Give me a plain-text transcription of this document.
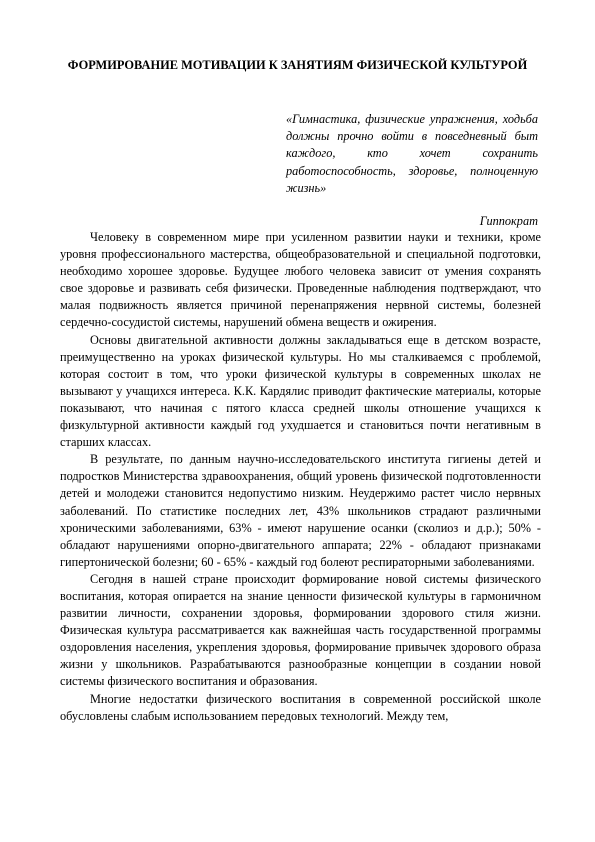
ФОРМИРОВАНИЕ МОТИВАЦИИ К ЗАНЯТИЯМ ФИЗИЧЕСКОЙ КУЛЬТУРОЙ
«Гимнастика, физические упражнения, ходьба должны прочно войти в повседневный быт каждого, кто хочет сохранить работоспособность, здоровье, полноценную жизнь»
Гиппократ

Человеку в современном мире при усиленном развитии науки и техники, кроме уровня профессионального мастерства, общеобразовательной и специальной подготовки, необходимо хорошее здоровье. Будущее любого человека зависит от умения сохранять свое здоровье и развивать себя физически. Проведенные наблюдения подтверждают, что малая подвижность является причиной перенапряжения нервной системы, болезней сердечно-сосудистой системы, нарушений обмена веществ и ожирения.

Основы двигательной активности должны закладываться еще в детском возрасте, преимущественно на уроках физической культуры. Но мы сталкиваемся с проблемой, которая состоит в том, что уроки физической культуры в современных школах не вызывают у учащихся интереса. К.К. Кардялис приводит фактические материалы, которые показывают, что начиная с пятого класса средней школы отношение учащихся к физкультурной активности каждый год ухудшается и становиться почти негативным в старших классах.

В результате, по данным научно-исследовательского института гигиены детей и подростков Министерства здравоохранения, общий уровень физической подготовленности детей и молодежи становится недопустимо низким. Неудержимо растет число нервных заболеваний. По статистике последних лет, 43% школьников страдают различными хроническими заболеваниями, 63% - имеют нарушение осанки (сколиоз и д.р.); 50% - обладают нарушениями опорно-двигательного аппарата; 22% - обладают признаками гипертонической болезни; 60 - 65% - каждый год болеют респираторными заболеваниями.

Сегодня в нашей стране происходит формирование новой системы физического воспитания, которая опирается на знание ценности физической культуры в гармоничном развитии личности, сохранении здоровья, формировании здорового стиля жизни. Физическая культура рассматривается как важнейшая часть государственной программы оздоровления населения, укрепления здоровья, формирование привычек здорового образа жизни у школьников. Разрабатываются разнообразные концепции в создании новой системы физического воспитания и образования.

Многие недостатки физического воспитания в современной российской школе обусловлены слабым использованием передовых технологий. Между тем,
